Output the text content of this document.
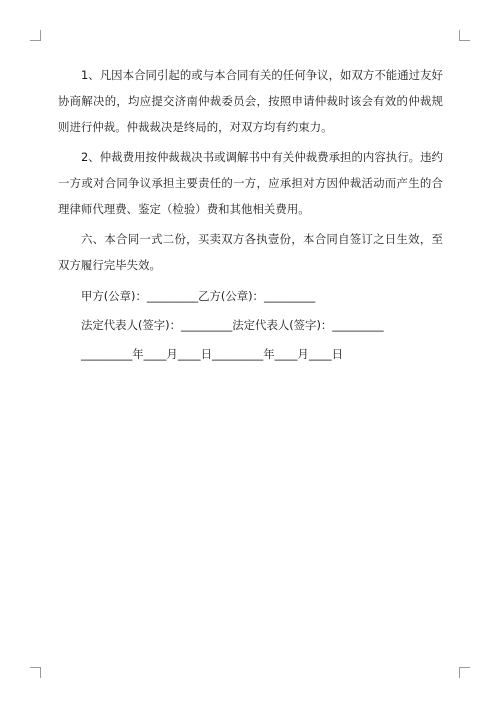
1、凡因本合同引起的或与本合同有关的任何争议，如双方不能通过友好协商解决的，均应提交济南仲裁委员会，按照申请仲裁时该会有效的仲裁规则进行仲裁。仲裁裁决是终局的，对双方均有约束力。

2、仲裁费用按仲裁裁决书或调解书中有关仲裁费承担的内容执行。违约一方或对合同争议承担主要责任的一方，应承担对方因仲裁活动而产生的合理律师代理费、鉴定（检验）费和其他相关费用。

六、本合同一式二份，买卖双方各执壹份，本合同自签订之日生效，至双方履行完毕失效。

甲方(公章)：_________乙方(公章)：_________

法定代表人(签字)：_________法定代表人(签字)：_________

_________年____月____日_________年____月____日
